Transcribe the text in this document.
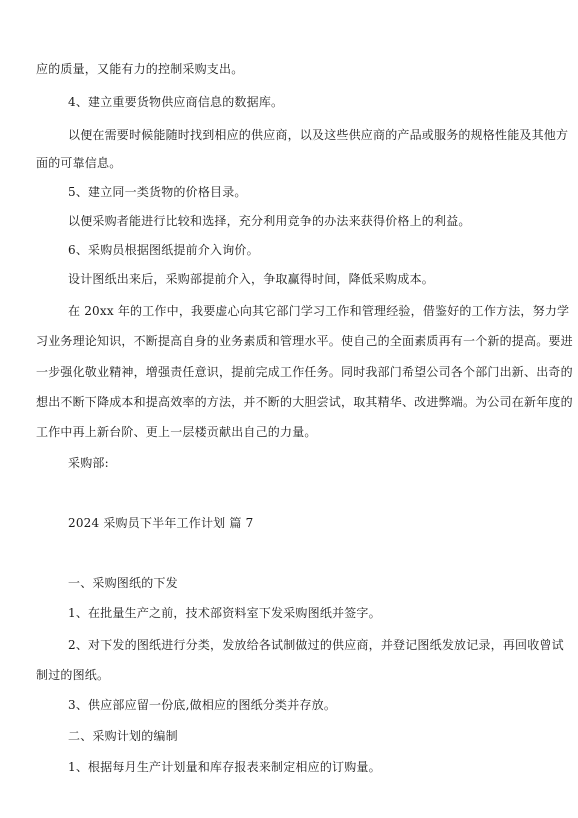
应的质量，又能有力的控制采购支出。
4、建立重要货物供应商信息的数据库。
以便在需要时候能随时找到相应的供应商，以及这些供应商的产品或服务的规格性能及其他方
面的可靠信息。
5、建立同一类货物的价格目录。
以便采购者能进行比较和选择，充分利用竞争的办法来获得价格上的利益。
6、采购员根据图纸提前介入询价。
设计图纸出来后，采购部提前介入，争取赢得时间，降低采购成本。
在 20xx 年的工作中，我要虚心向其它部门学习工作和管理经验，借鉴好的工作方法，努力学
习业务理论知识，不断提高自身的业务素质和管理水平。使自己的全面素质再有一个新的提高。要进
一步强化敬业精神，增强责任意识，提前完成工作任务。同时我部门希望公司各个部门出新、出奇的
想出不断下降成本和提高效率的方法，并不断的大胆尝试，取其精华、改进弊端。为公司在新年度的
工作中再上新台阶、更上一层楼贡献出自己的力量。
采购部:
2024 采购员下半年工作计划 篇 7
一、采购图纸的下发
1、在批量生产之前，技术部资料室下发采购图纸并签字。
2、对下发的图纸进行分类，发放给各试制做过的供应商，并登记图纸发放记录，再回收曾试
制过的图纸。
3、供应部应留一份底,做相应的图纸分类并存放。
二、采购计划的编制
1、根据每月生产计划量和库存报表来制定相应的订购量。
